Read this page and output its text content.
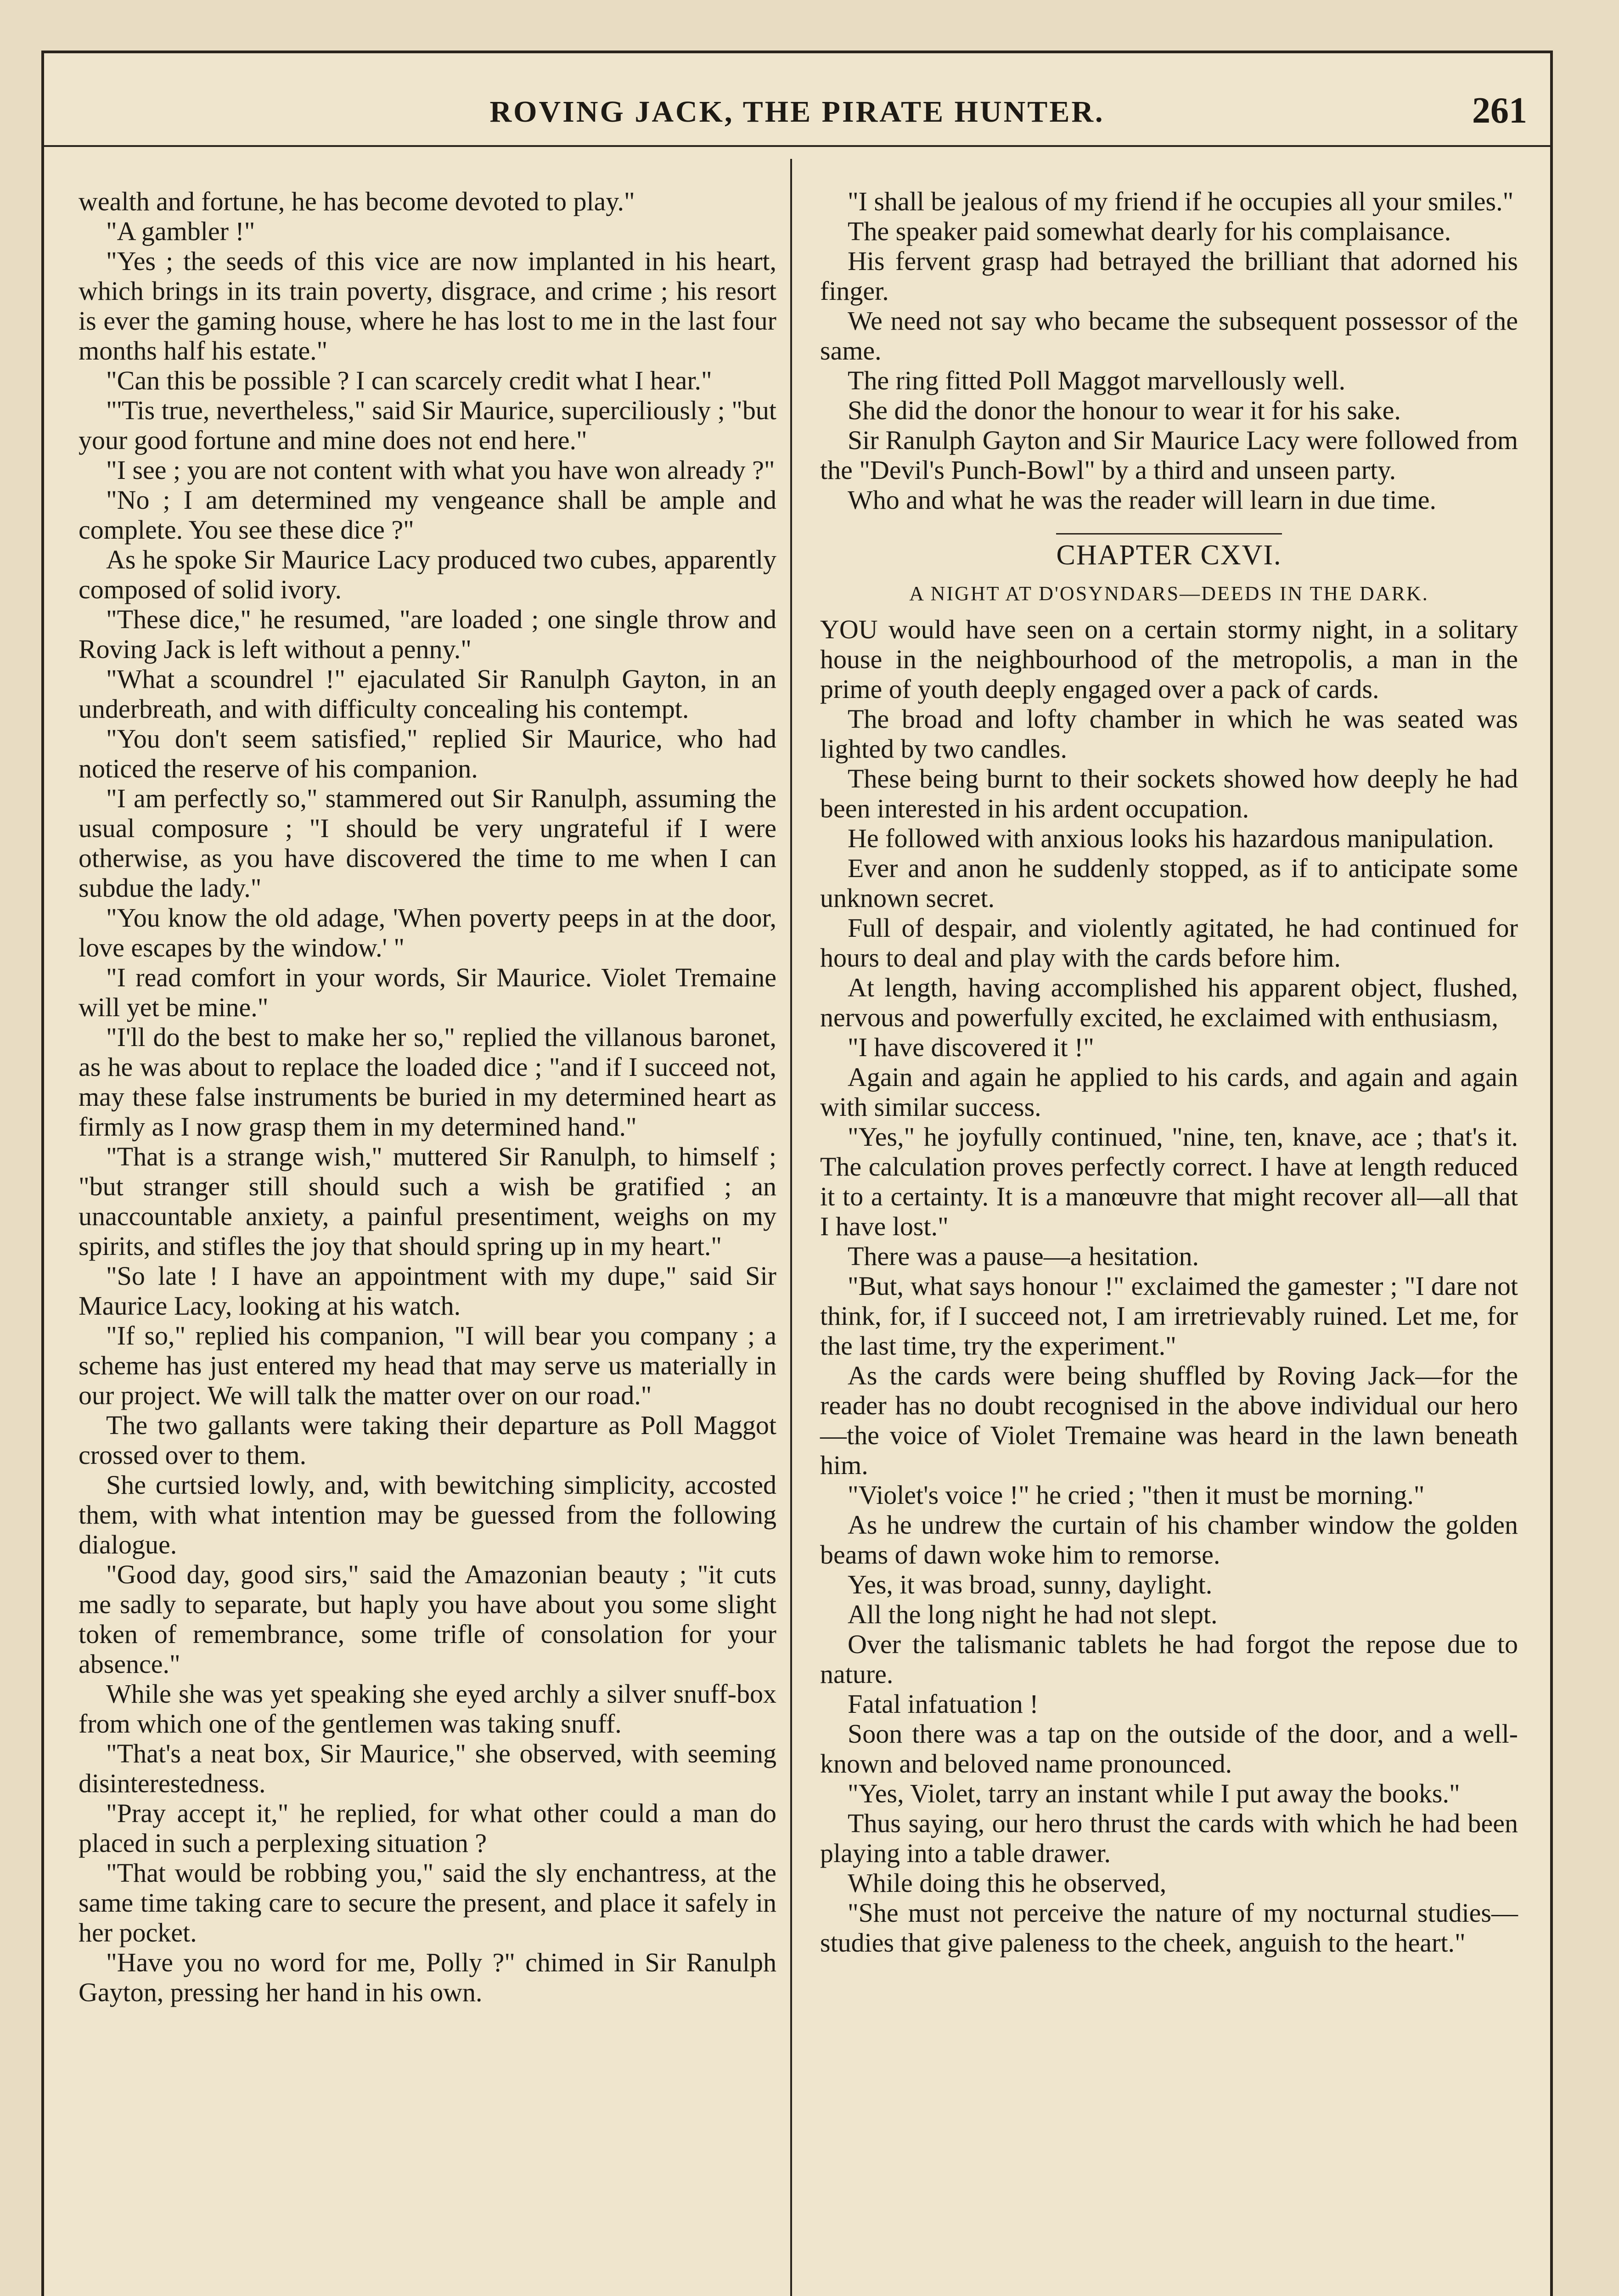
ROVING JACK, THE PIRATE HUNTER.	261

wealth and fortune, he has become devoted to play."

"A gambler !"

"Yes ; the seeds of this vice are now implanted in his heart, which brings in its train poverty, disgrace, and crime ; his resort is ever the gaming house, where he has lost to me in the last four months half his estate."

"Can this be possible ? I can scarcely credit what I hear."

"'Tis true, nevertheless," said Sir Maurice, superciliously ; "but your good fortune and mine does not end here."

"I see ; you are not content with what you have won already ?"

"No ; I am determined my vengeance shall be ample and complete. You see these dice ?"

As he spoke Sir Maurice Lacy produced two cubes, apparently composed of solid ivory.

"These dice," he resumed, "are loaded ; one single throw and Roving Jack is left without a penny."

"What a scoundrel !" ejaculated Sir Ranulph Gayton, in an underbreath, and with difficulty concealing his contempt.

"You don't seem satisfied," replied Sir Maurice, who had noticed the reserve of his companion.

"I am perfectly so," stammered out Sir Ranulph, assuming the usual composure ; "I should be very ungrateful if I were otherwise, as you have discovered the time to me when I can subdue the lady."

"You know the old adage, 'When poverty peeps in at the door, love escapes by the window.' "

"I read comfort in your words, Sir Maurice. Violet Tremaine will yet be mine."

"I'll do the best to make her so," replied the villanous baronet, as he was about to replace the loaded dice ; "and if I succeed not, may these false instruments be buried in my determined heart as firmly as I now grasp them in my determined hand."

"That is a strange wish," muttered Sir Ranulph, to himself ; "but stranger still should such a wish be gratified ; an unaccountable anxiety, a painful presentiment, weighs on my spirits, and stifles the joy that should spring up in my heart."

"So late ! I have an appointment with my dupe," said Sir Maurice Lacy, looking at his watch.

"If so," replied his companion, "I will bear you company ; a scheme has just entered my head that may serve us materially in our project. We will talk the matter over on our road."

The two gallants were taking their departure as Poll Maggot crossed over to them.

She curtsied lowly, and, with bewitching simplicity, accosted them, with what intention may be guessed from the following dialogue.

"Good day, good sirs," said the Amazonian beauty ; "it cuts me sadly to separate, but haply you have about you some slight token of remembrance, some trifle of consolation for your absence."

While she was yet speaking she eyed archly a silver snuff-box from which one of the gentlemen was taking snuff.

"That's a neat box, Sir Maurice," she observed, with seeming disinterestedness.

"Pray accept it," he replied, for what other could a man do placed in such a perplexing situation ?

"That would be robbing you," said the sly enchantress, at the same time taking care to secure the present, and place it safely in her pocket.

"Have you no word for me, Polly ?" chimed in Sir Ranulph Gayton, pressing her hand in his own.

"I shall be jealous of my friend if he occupies all your smiles."

The speaker paid somewhat dearly for his complaisance.

His fervent grasp had betrayed the brilliant that adorned his finger.

We need not say who became the subsequent possessor of the same.

The ring fitted Poll Maggot marvellously well.

She did the donor the honour to wear it for his sake.

Sir Ranulph Gayton and Sir Maurice Lacy were followed from the "Devil's Punch-Bowl" by a third and unseen party.

Who and what he was the reader will learn in due time.

CHAPTER CXVI.
A NIGHT AT D'OSYNDARS—DEEDS IN THE DARK.

YOU would have seen on a certain stormy night, in a solitary house in the neighbourhood of the metropolis, a man in the prime of youth deeply engaged over a pack of cards.

The broad and lofty chamber in which he was seated was lighted by two candles.

These being burnt to their sockets showed how deeply he had been interested in his ardent occupation.

He followed with anxious looks his hazardous manipulation.

Ever and anon he suddenly stopped, as if to anticipate some unknown secret.

Full of despair, and violently agitated, he had continued for hours to deal and play with the cards before him.

At length, having accomplished his apparent object, flushed, nervous and powerfully excited, he exclaimed with enthusiasm,

"I have discovered it !"

Again and again he applied to his cards, and again and again with similar success.

"Yes," he joyfully continued, "nine, ten, knave, ace ; that's it. The calculation proves perfectly correct. I have at length reduced it to a certainty. It is a manœuvre that might recover all—all that I have lost."

There was a pause—a hesitation.

"But, what says honour !" exclaimed the gamester ; "I dare not think, for, if I succeed not, I am irretrievably ruined. Let me, for the last time, try the experiment."

As the cards were being shuffled by Roving Jack—for the reader has no doubt recognised in the above individual our hero—the voice of Violet Tremaine was heard in the lawn beneath him.

"Violet's voice !" he cried ; "then it must be morning."

As he undrew the curtain of his chamber window the golden beams of dawn woke him to remorse.

Yes, it was broad, sunny, daylight.

All the long night he had not slept.

Over the talismanic tablets he had forgot the repose due to nature.

Fatal infatuation !

Soon there was a tap on the outside of the door, and a well-known and beloved name pronounced.

"Yes, Violet, tarry an instant while I put away the books."

Thus saying, our hero thrust the cards with which he had been playing into a table drawer.

While doing this he observed,

"She must not perceive the nature of my nocturnal studies—studies that give paleness to the cheek, anguish to the heart."
